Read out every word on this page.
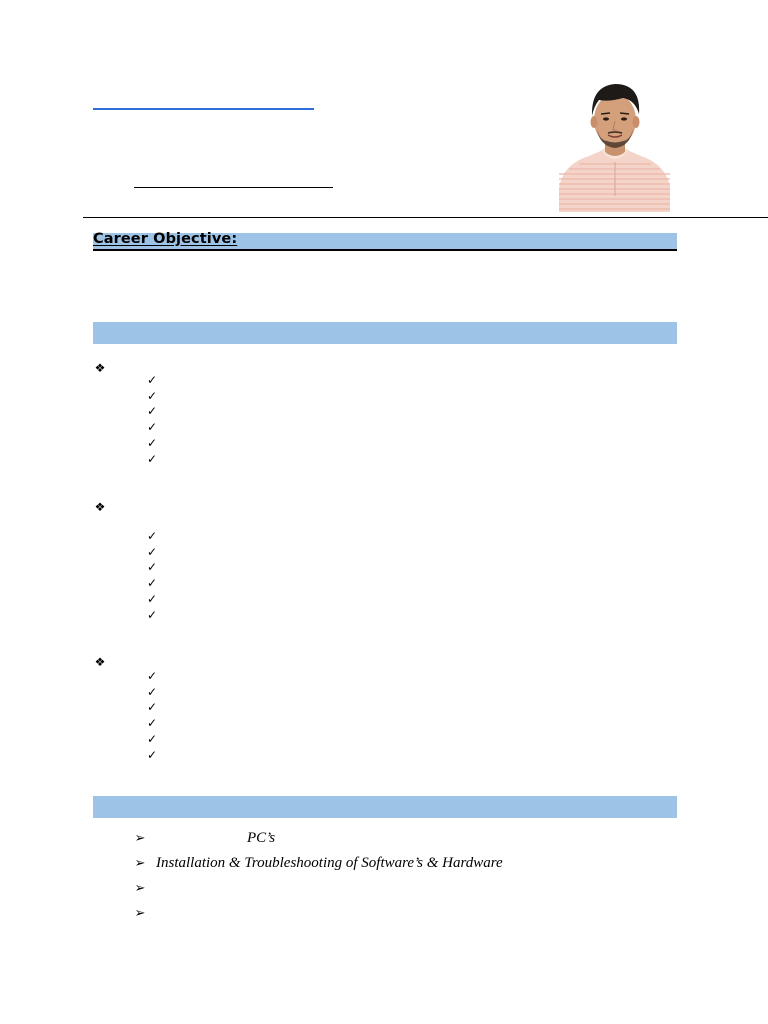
Career Objective:
❖
✓
✓
✓
✓
✓
✓
❖
✓
✓
✓
✓
✓
✓
❖
✓
✓
✓
✓
✓
✓
➢	PC’s
➢ Installation & Troubleshooting of Software’s & Hardware
➢
➢
